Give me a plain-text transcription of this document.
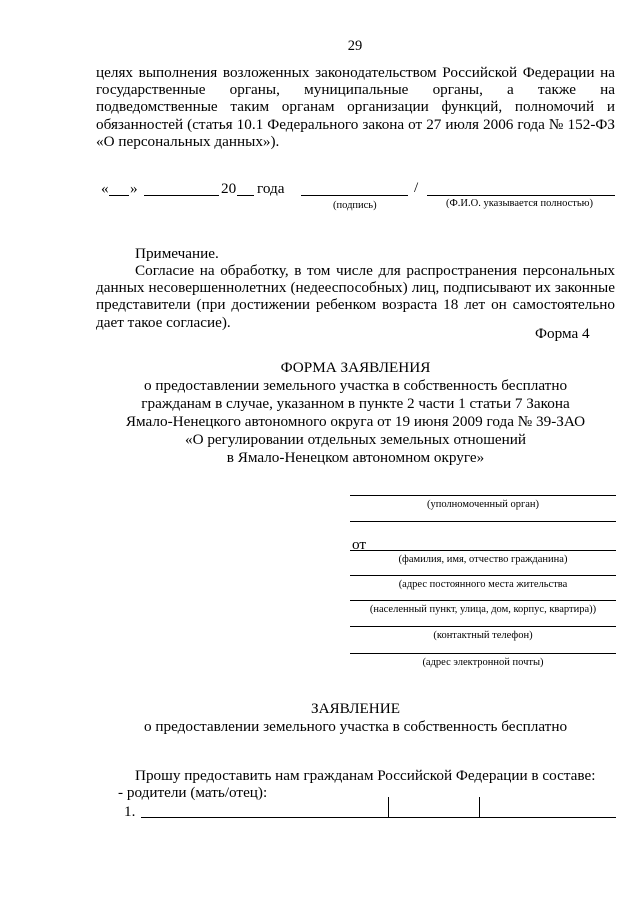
29

целях выполнения возложенных законодательством Российской Федерации на государственные органы, муниципальные органы, а также на подведомственные таким органам организации функций, полномочий и обязанностей (статья 10.1 Федерального закона от 27 июля 2006 года № 152-ФЗ «О персональных данных»).

« »	20 года	/
(подпись)	(Ф.И.О. указывается полностью)
Примечание.

Согласие на обработку, в том числе для распространения персональных данных несовершеннолетних (недееспособных) лиц, подписывают их законные представители (при достижении ребенком возраста 18 лет он самостоятельно дает такое согласие).

Форма 4
ФОРМА ЗАЯВЛЕНИЯ
о предоставлении земельного участка в собственность бесплатно
гражданам в случае, указанном в пункте 2 части 1 статьи 7 Закона
Ямало-Ненецкого автономного округа от 19 июня 2009 года № 39-ЗАО
«О регулировании отдельных земельных отношений
в Ямало-Ненецком автономном округе»
(уполномоченный орган)
от
(фамилия, имя, отчество гражданина)
(адрес постоянного места жительства
(населенный пункт, улица, дом, корпус, квартира))
(контактный телефон)
(адрес электронной почты)
ЗАЯВЛЕНИЕ
о предоставлении земельного участка в собственность бесплатно
Прошу предоставить нам гражданам Российской Федерации в составе:
- родители (мать/отец):
1.
